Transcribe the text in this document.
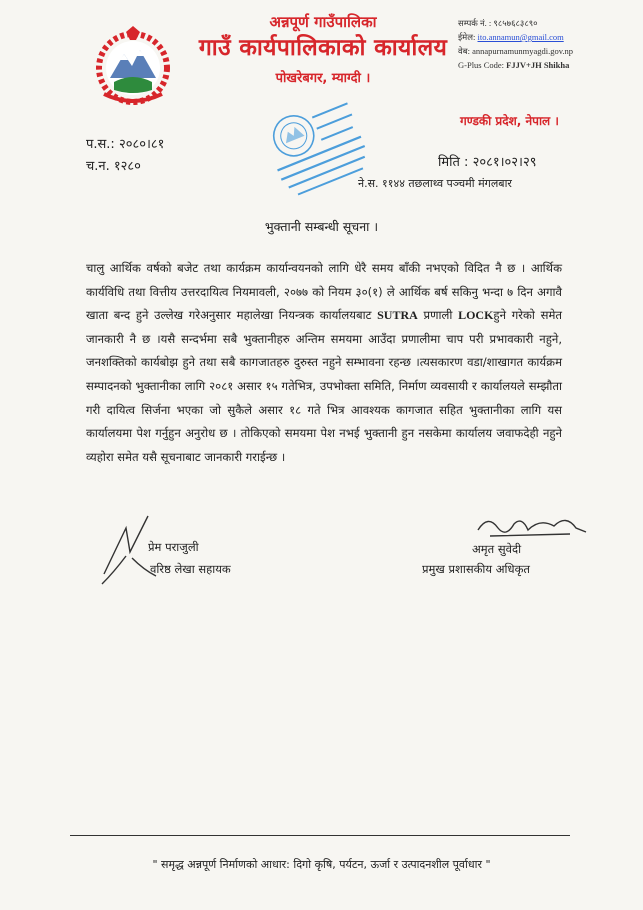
अन्नपूर्ण गाउँपालिका
गाउँ कार्यपालिकाको कार्यालय
पोखरेबगर, म्याग्दी ।
सम्पर्क नं. : ९८५७६८३८९०
ईमेल: ito.annamun@gmail.com
वेब: annapurnamunmyagdi.gov.np
G-Plus Code: FJJV+JH Shikha
गण्डकी प्रदेश, नेपाल ।
प.स.: २०८०।८१
च.न. १२८०	मिति : २०८१।०२।२९
ने.स. ११४४ तछलाथ्व पञ्चमी मंगलबार
भुक्तानी सम्बन्धी सूचना ।
चालु आर्थिक वर्षको बजेट तथा कार्यक्रम कार्यान्वयनको लागि धेरै समय बाँकी नभएको विदित नै छ । आर्थिक कार्यविधि तथा वित्तीय उत्तरदायित्व नियमावली, २०७७ को नियम ३०(१) ले आर्थिक बर्ष सकिनु भन्दा ७ दिन अगावै खाता बन्द हुने उल्लेख गरेअनुसार महालेखा नियन्त्रक कार्यालयबाट SUTRA प्रणाली LOCKहुने गरेको समेत जानकारी नै छ ।यसै सन्दर्भमा सबै भुक्तानीहरु अन्तिम समयमा आउँदा प्रणालीमा चाप परी प्रभावकारी नहुने, जनशक्तिको कार्यबोझ हुने तथा सबै कागजातहरु दुरुस्त नहुने सम्भावना रहन्छ ।त्यसकारण वडा/शाखागत कार्यक्रम सम्पादनको भुक्तानीका लागि २०८१ असार १५ गतेभित्र, उपभोक्ता समिति, निर्माण व्यवसायी र कार्यालयले सम्झौता गरी दायित्व सिर्जना भएका जो सुकैले असार १८ गते भित्र आवश्यक कागजात सहित भुक्तानीका लागि यस कार्यालयमा पेश गर्नुहुन अनुरोध छ । तोकिएको समयमा पेश नभई भुक्तानी हुन नसकेमा कार्यालय जवाफदेही नहुने व्यहोरा समेत यसै सूचनाबाट जानकारी गराईन्छ ।
प्रेम पराजुली
वरिष्ठ लेखा सहायक
अमृत सुवेदी
प्रमुख प्रशासकीय अधिकृत
" समृद्ध अन्नपूर्ण निर्माणको आधार: दिगो कृषि, पर्यटन, ऊर्जा र उत्पादनशील पूर्वाधार "
